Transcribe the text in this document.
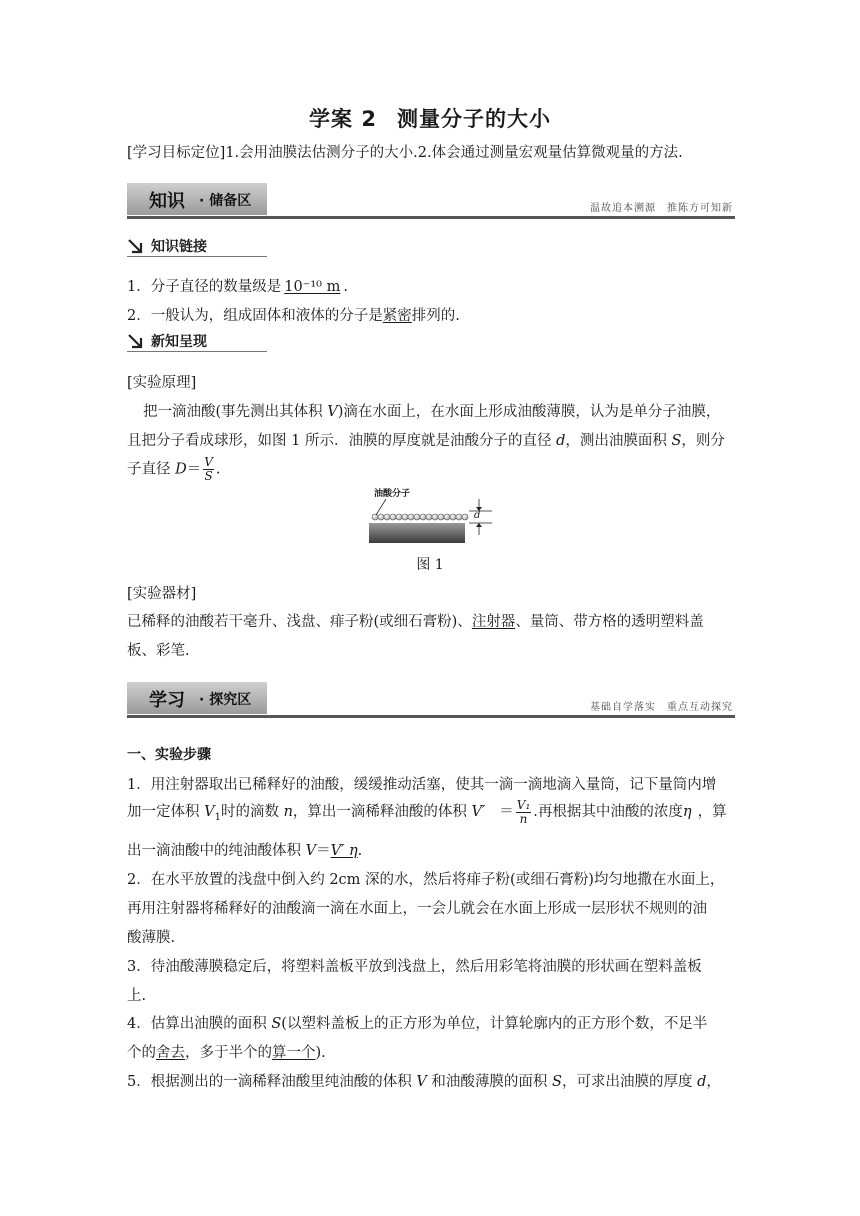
学案 2 测量分子的大小
[学习目标定位]1.会用油膜法估测分子的大小.2.体会通过测量宏观量估算微观量的方法.
知识 · 储备区	温故追本溯源　推陈方可知新
知识链接
1．分子直径的数量级是 10⁻¹⁰ m .
2．一般认为，组成固体和液体的分子是紧密排列的.
新知呈现
[实验原理]
把一滴油酸(事先测出其体积 V)滴在水面上，在水面上形成油酸薄膜，认为是单分子油膜，
且把分子看成球形，如图 1 所示．油膜的厚度就是油酸分子的直径 d，测出油膜面积 S，则分
子直径 $D= \frac{V}{S}$ .
油酸分子
d
图 1
[实验器材]
已稀释的油酸若干毫升、浅盘、痱子粉(或细石膏粉)、注射器、量筒、带方格的透明塑料盖
板、彩笔.
学习 · 探究区	基础自学落实　重点互动探究
一、实验步骤
1．用注射器取出已稀释好的油酸，缓缓推动活塞，使其一滴一滴地滴入量筒，记下量筒内增
加一定体积 $V_1$时的滴数 n，算出一滴稀释油酸的体积 $V' = \frac{\text{V₁}}{n}$ .再根据其中油酸的浓度η ，算
出一滴油酸中的纯油酸体积 V＝V′ η.
2．在水平放置的浅盘中倒入约 2cm 深的水，然后将痱子粉(或细石膏粉)均匀地撒在水面上，
再用注射器将稀释好的油酸滴一滴在水面上，一会儿就会在水面上形成一层形状不规则的油
酸薄膜.
3．待油酸薄膜稳定后，将塑料盖板平放到浅盘上，然后用彩笔将油膜的形状画在塑料盖板
上.
4．估算出油膜的面积 S(以塑料盖板上的正方形为单位，计算轮廓内的正方形个数，不足半
个的舍去，多于半个的算一个).
5．根据测出的一滴稀释油酸里纯油酸的体积 V 和油酸薄膜的面积 S，可求出油膜的厚度 d，
